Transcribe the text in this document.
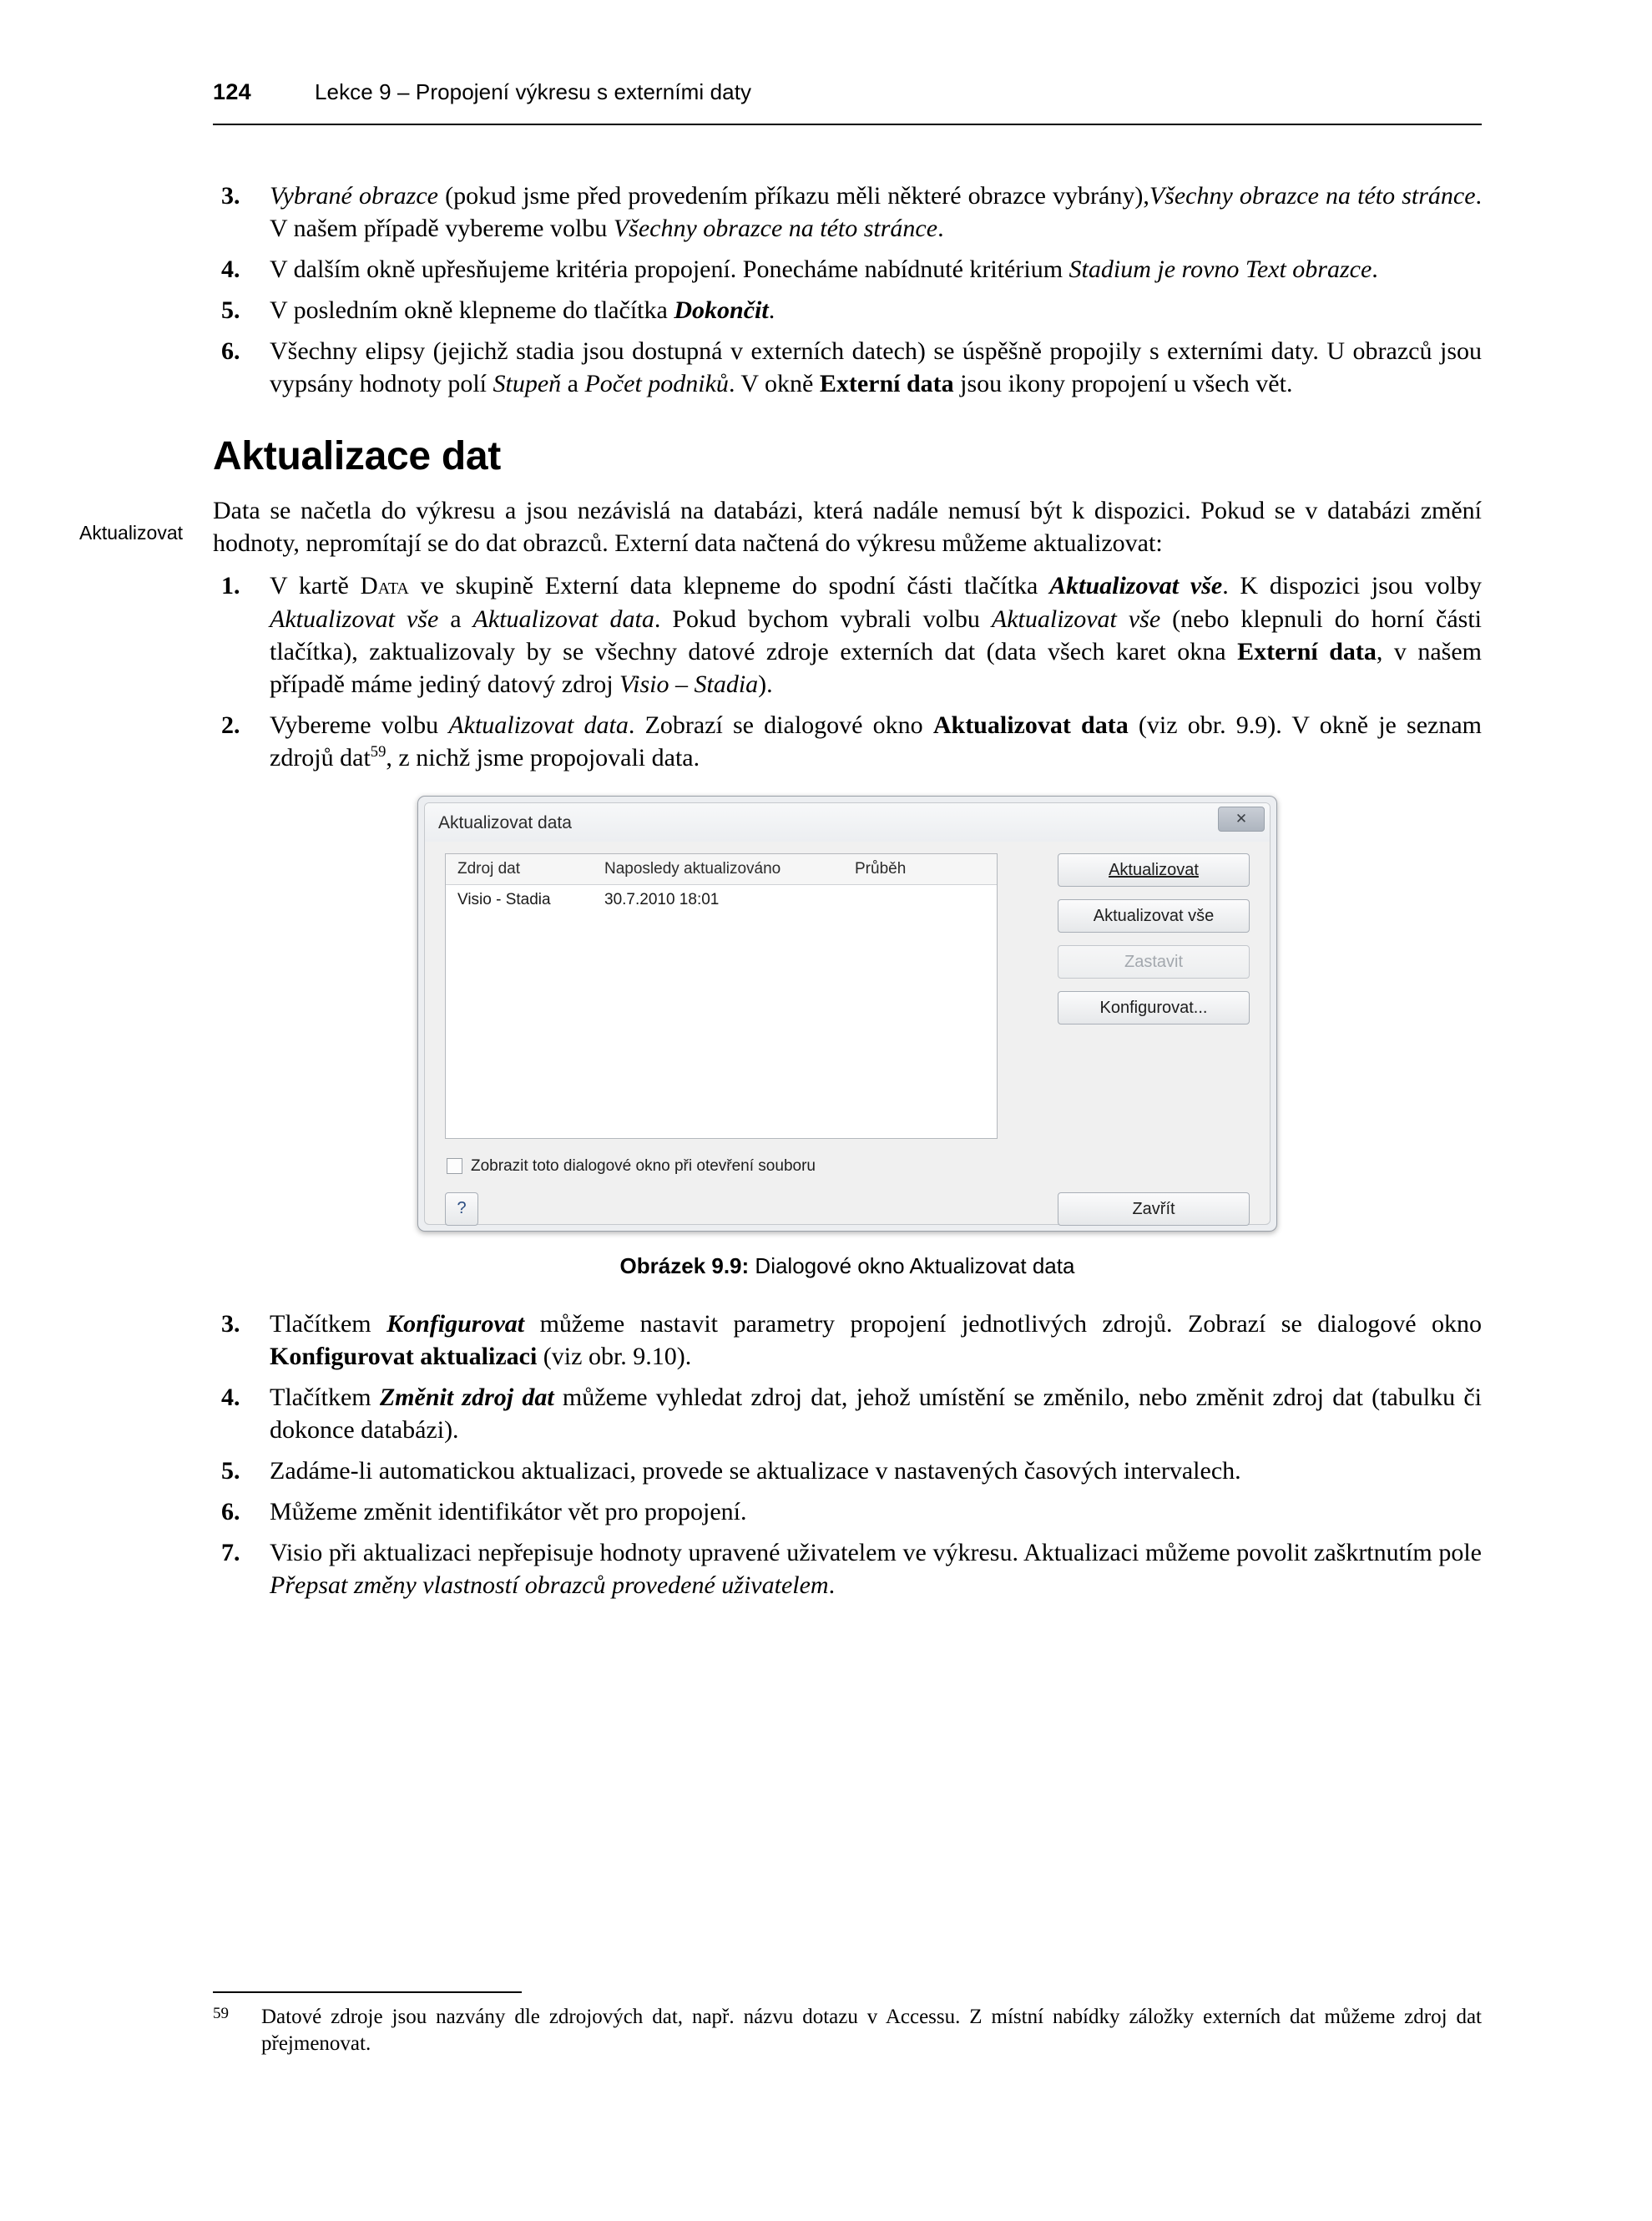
124	Lekce 9 – Propojení výkresu s externími daty
Aktualizovat
3.	Vybrané obrazce (pokud jsme před provedením příkazu měli některé obrazce vybrány),Všechny obrazce na této stránce. V našem případě vybereme volbu Všechny obrazce na této stránce.
4.	V dalším okně upřesňujeme kritéria propojení. Ponecháme nabídnuté kritérium Stadium je rovno Text obrazce.
5.	V posledním okně klepneme do tlačítka Dokončit.
6.	Všechny elipsy (jejichž stadia jsou dostupná v externích datech) se úspěšně propojily s externími daty. U obrazců jsou vypsány hodnoty polí Stupeň a Počet podniků. V okně Externí data jsou ikony propojení u všech vět.
Aktualizace dat

Data se načetla do výkresu a jsou nezávislá na databázi, která nadále nemusí být k dispozici. Pokud se v databázi změní hodnoty, nepromítají se do dat obrazců. Externí data načtená do výkresu můžeme aktualizovat:

1.	V kartě Data ve skupině Externí data klepneme do spodní části tlačítka Aktualizovat vše. K dispozici jsou volby Aktualizovat vše a Aktualizovat data. Pokud bychom vybrali volbu Aktualizovat vše (nebo klepnuli do horní části tlačítka), zaktualizovaly by se všechny datové zdroje externích dat (data všech karet okna Externí data, v našem případě máme jediný datový zdroj Visio – Stadia).
2.	Vybereme volbu Aktualizovat data. Zobrazí se dialogové okno Aktualizovat data (viz obr. 9.9). V okně je seznam zdrojů dat$^{59}$, z nichž jsme propojovali data.
Aktualizovat data	✕
Zdroj dat	Naposledy aktualizováno	Průběh
Visio - Stadia	30.7.2010 18:01
Aktualizovat
Aktualizovat vše
Zastavit
Konfigurovat...
Zobrazit toto dialogové okno při otevření souboru
?	Zavřít
Obrázek 9.9: Dialogové okno Aktualizovat data
3.	Tlačítkem Konfigurovat můžeme nastavit parametry propojení jednotlivých zdrojů. Zobrazí se dialogové okno Konfigurovat aktualizaci (viz obr. 9.10).
4.	Tlačítkem Změnit zdroj dat můžeme vyhledat zdroj dat, jehož umístění se změnilo, nebo změnit zdroj dat (tabulku či dokonce databázi).
5.	Zadáme-li automatickou aktualizaci, provede se aktualizace v nastavených časových intervalech.
6.	Můžeme změnit identifikátor vět pro propojení.
7.	Visio při aktualizaci nepřepisuje hodnoty upravené uživatelem ve výkresu. Aktualizaci můžeme povolit zaškrtnutím pole Přepsat změny vlastností obrazců provedené uživatelem.
59	Datové zdroje jsou nazvány dle zdrojových dat, např. názvu dotazu v Accessu. Z místní nabídky záložky externích dat můžeme zdroj dat přejmenovat.
